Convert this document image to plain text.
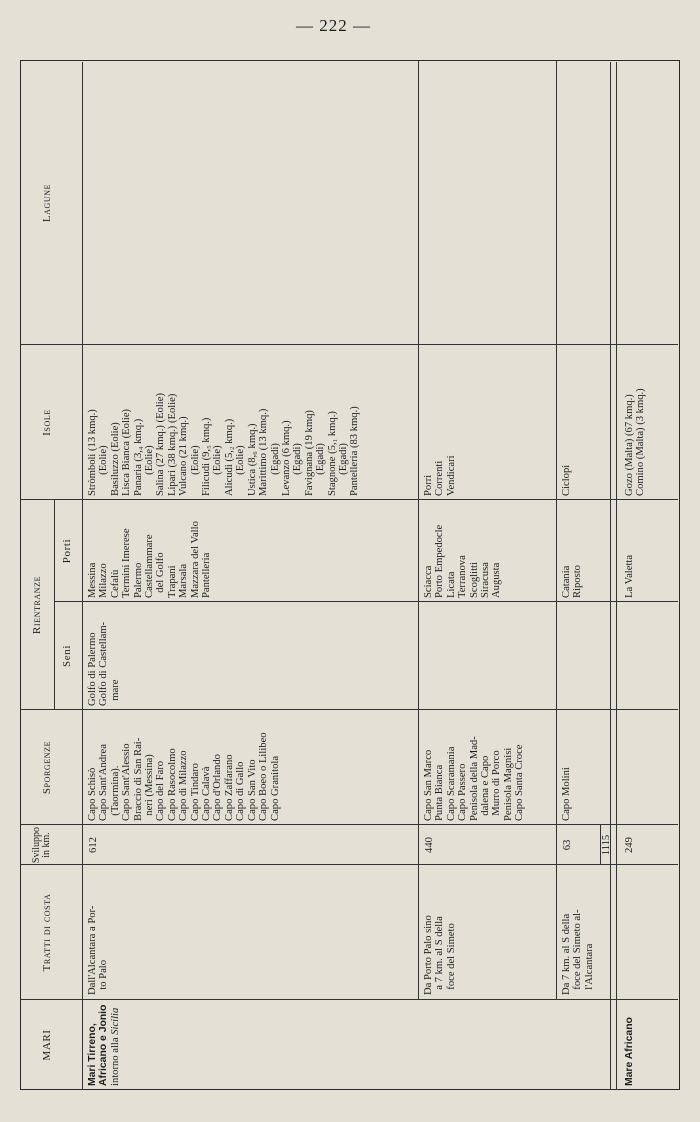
— 222 —
MARI
Tratti di costa
Sviluppo
in km.
Sporgenze
Rientranze
Seni
Porti
Isole
Lagune
Mari Tirreno, Africano e Jonio intorno alla Sicilia
Dall'Alcantara a Por-
to Palo
612
Capo Schisò
Capo Sant'Andrea
(Taormina).
Capo Sant'Alessio
Braccio di San Rai-
neri (Messina)
Capo del Faro
Capo Rasocolmo
Capo di Milazzo
Capo Tindaro
Capo Calavà
Capo d'Orlando
Capo Zaffarano
Capo di Gallo
Capo San Vito
Capo Boeo o Lilibeo
Capo Granitola
Golfo di Palermo
Golfo di Castellam-
mare
Messina
Milazzo
Cefalù
Termini Imerese
Palermo
Castellammare
del Golfo
Trapani
Marsala
Mazzara del Vallo
Pantelleria
Stròmboli (13 kmq.)
(Eolie)
Basiluzzo (Eolie)
Lisca Bianca (Eolie)
Panaria (3,₄ kmq.)
(Eolie)
Salina (27 kmq.) (Eolie)
Lipari (38 kmq.) (Eolie)
Vulcano (21 kmq.)
(Eolie)
Filicudi (9,₅ kmq.)
(Eolie)
Alicudi (5,₂ kmq.)
(Eolie)
Ustica (8,₆ kmq.)
Marìttimo (13 kmq.)
(Egadi)
Levanzo (6 kmq.)
(Egadi)
Favignana (19 kmq)
(Egadi)
Stagnone (5,₁ kmq.)
(Egadi)
Pantelleria (83 kmq.)
Da Porto Palo sino
a 7 km. al S della
foce del Simeto
440
Capo San Marco
Punta Bianca
Capo Scaramania
Capo Passero
Penisola della Mad-
dalena e Capo
Murro di Porco
Penisola Magnisi
Capo Santa Croce
Sciacca
Porto Empedocle
Licata
Terranova
Scoglitti
Siracusa
Augusta
Porri
Correnti
Vendicari
Da 7 km. al S della
foce del Simeto al-
l'Alcantara
63
Capo Molini
Catania
Riposto
Ciclopi
1115
Mare Africano
249
La Valetta
Gozo (Malta) (67 kmq.)
Comino (Malta) (3 kmq.)
